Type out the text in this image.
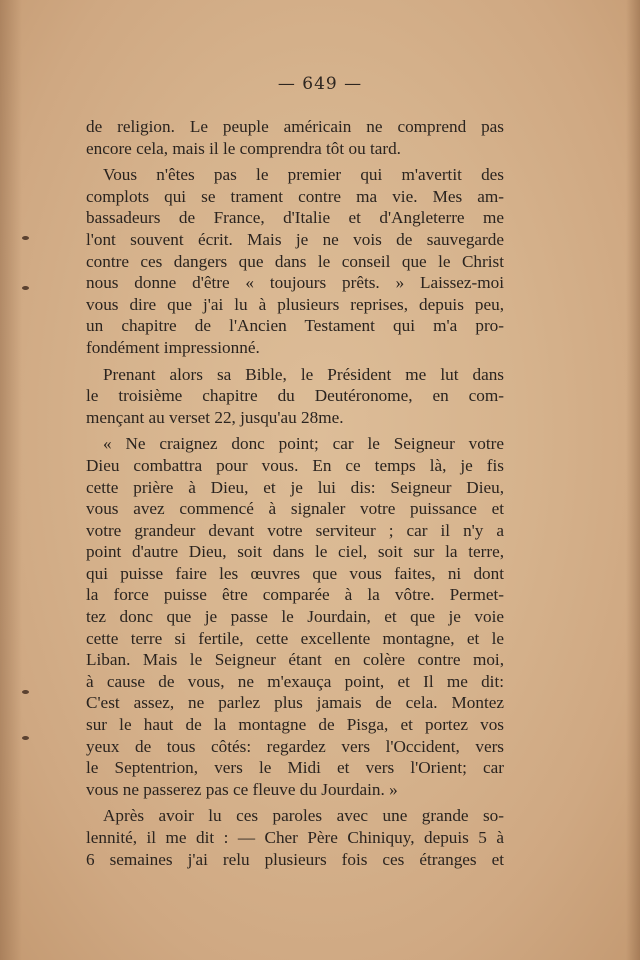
— 649 —
de religion. Le peuple américain ne comprend pas
encore cela, mais il le comprendra tôt ou tard.
Vous n'êtes pas le premier qui m'avertit des
complots qui se trament contre ma vie. Mes am-
bassadeurs de France, d'Italie et d'Angleterre me
l'ont souvent écrit. Mais je ne vois de sauvegarde
contre ces dangers que dans le conseil que le Christ
nous donne d'être « toujours prêts. » Laissez-moi
vous dire que j'ai lu à plusieurs reprises, depuis peu,
un chapitre de l'Ancien Testament qui m'a pro-
fondément impressionné.
Prenant alors sa Bible, le Président me lut dans
le troisième chapitre du Deutéronome, en com-
mençant au verset 22, jusqu'au 28me.
« Ne craignez donc point; car le Seigneur votre
Dieu combattra pour vous. En ce temps là, je fis
cette prière à Dieu, et je lui dis: Seigneur Dieu,
vous avez commencé à signaler votre puissance et
votre grandeur devant votre serviteur ; car il n'y a
point d'autre Dieu, soit dans le ciel, soit sur la terre,
qui puisse faire les œuvres que vous faites, ni dont
la force puisse être comparée à la vôtre. Permet-
tez donc que je passe le Jourdain, et que je voie
cette terre si fertile, cette excellente montagne, et le
Liban. Mais le Seigneur étant en colère contre moi,
à cause de vous, ne m'exauça point, et Il me dit:
C'est assez, ne parlez plus jamais de cela. Montez
sur le haut de la montagne de Pisga, et portez vos
yeux de tous côtés: regardez vers l'Occident, vers
le Septentrion, vers le Midi et vers l'Orient; car
vous ne passerez pas ce fleuve du Jourdain. »
Après avoir lu ces paroles avec une grande so-
lennité, il me dit : — Cher Père Chiniquy, depuis 5 à
6 semaines j'ai relu plusieurs fois ces étranges et
